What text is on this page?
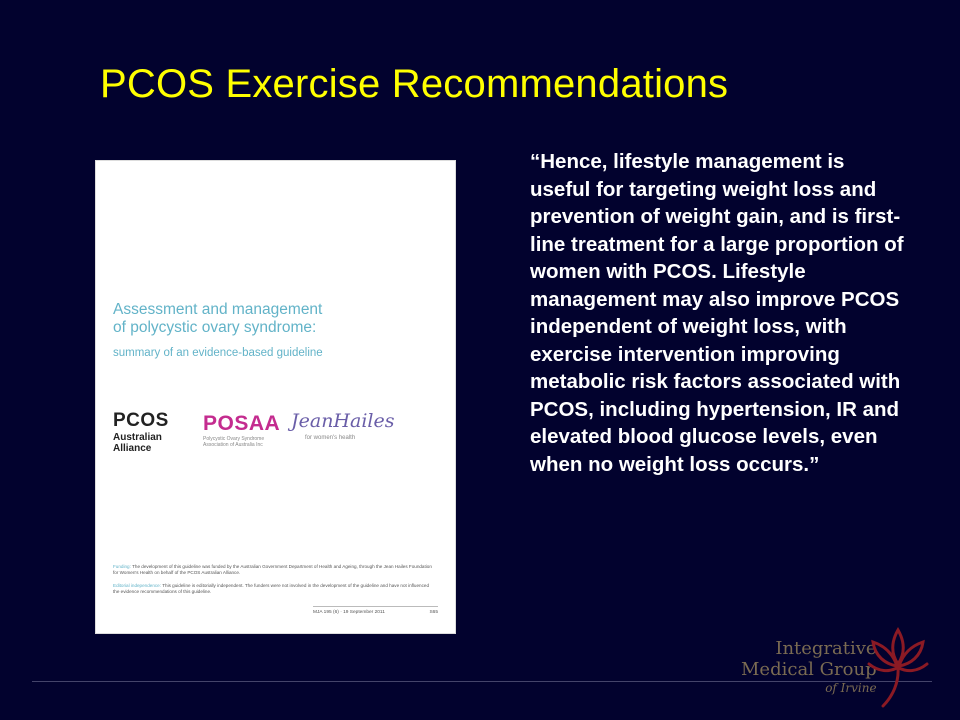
PCOS Exercise Recommendations
Assessment and management
of polycystic ovary syndrome:
summary of an evidence-based guideline
PCOS
Australian
Alliance
POSAA
Polycystic Ovary Syndrome
Association of Australia Inc
JeanHailes
for women's health
Funding: The development of this guideline was funded by the Australian Government Department of Health and Ageing, through the Jean Hailes Foundation for Women's Health on behalf of the PCOS Australian Alliance.
Editorial independence: This guideline is editorially independent. The funders were not involved in the development of the guideline and have not influenced the evidence recommendations of this guideline.
MJA 195 (6) · 19 September 2011	S65

“Hence, lifestyle management is useful for targeting weight loss and prevention of weight gain, and is first-line treatment for a large proportion of women with PCOS. Lifestyle management may also improve PCOS independent of weight loss, with exercise intervention improving metabolic risk factors associated with PCOS, including hypertension, IR and elevated blood glucose levels, even when no weight loss occurs.”

Integrative
Medical Group
of Irvine
